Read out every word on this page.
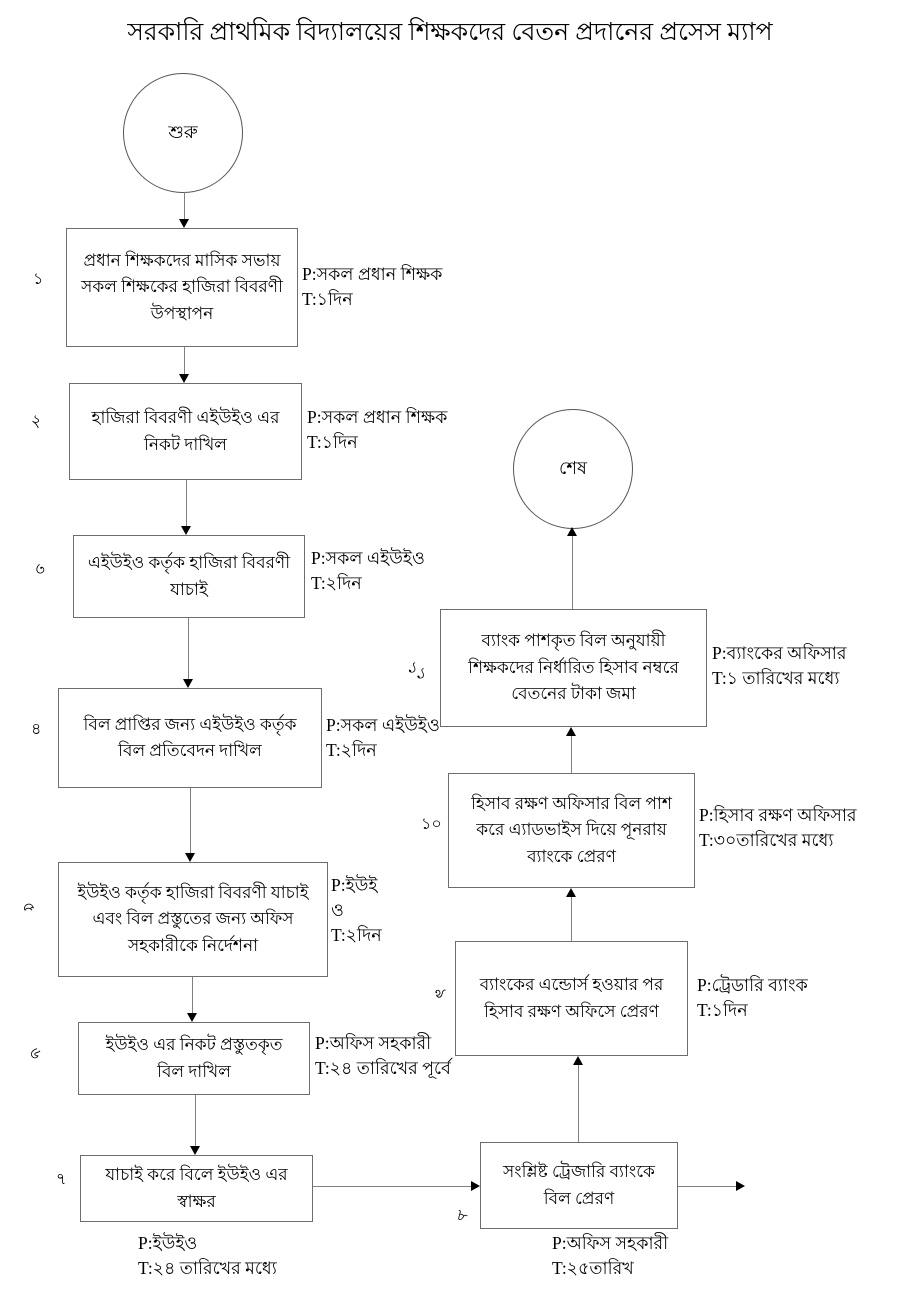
সরকারি প্রাথমিক বিদ্যালয়ের শিক্ষকদের বেতন প্রদানের প্রসেস ম্যাপ
শুরু
শেষ
১
প্রধান শিক্ষকদের মাসিক সভায় সকল শিক্ষকের হাজিরা বিবরণী উপস্থাপন
P:সকল প্রধান শিক্ষক
T:১দিন
২	হাজিরা বিবরণী এইউইও এর নিকট দাখিল
P:সকল প্রধান শিক্ষক
T:১দিন
৩ এইউইও কর্তৃক হাজিরা বিবরণী যাচাই
P:সকল এইউইও
T:২দিন
৪	বিল প্রাপ্তির জন্য এইউইও কর্তৃক বিল প্রতিবেদন দাখিল
P:সকল এইউইও
T:২দিন
৫
ইউইও কর্তৃক হাজিরা বিবরণী যাচাই এবং বিল প্রস্তুতের জন্য অফিস সহকারীকে নির্দেশনা
P:ইউই
ও
T:২দিন
৬	ইউইও এর নিকট প্রস্তুতকৃত বিল দাখিল
P:অফিস সহকারী
T:২৪ তারিখের পূর্বে
৭	যাচাই করে বিলে ইউইও এর স্বাক্ষর
P:ইউইও
T:২৪ তারিখের মধ্যে
৮
সংশ্লিষ্ট ট্রেজারি ব্যাংকে বিল প্রেরণ
P:অফিস সহকারী
T:২৫তারিখ
৯	ব্যাংকের এন্ডোর্স হওয়ার পর হিসাব রক্ষণ অফিসে প্রেরণ
P:ট্রেডারি ব্যাংক
T:১দিন
১০
হিসাব রক্ষণ অফিসার বিল পাশ করে এ্যাডভাইস দিয়ে পূনরায় ব্যাংকে প্রেরণ
P:হিসাব রক্ষণ অফিসার
T:৩০তারিখের মধ্যে
১১
ব্যাংক পাশকৃত বিল অনুযায়ী শিক্ষকদের নির্ধারিত হিসাব নম্বরে বেতনের টাকা জমা
P:ব্যাংকের অফিসার
T:১ তারিখের মধ্যে
